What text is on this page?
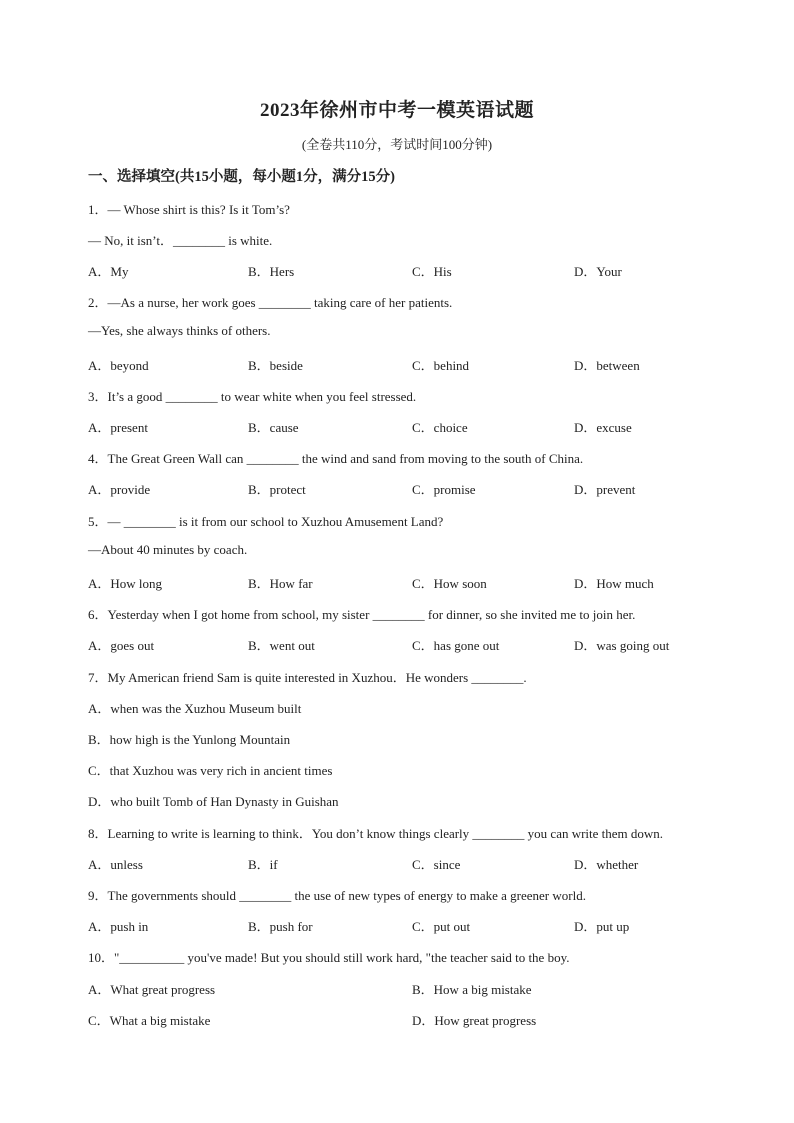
2023年徐州市中考一模英语试题
(全卷共110分，考试时间100分钟)
一、选择填空(共15小题，每小题1分，满分15分)
1．— Whose shirt is this? Is it Tom’s?
— No, it isn’t．________ is white.
A．My	B．Hers	C．His	D．Your
2．—As a nurse, her work goes ________ taking care of her patients.
—Yes, she always thinks of others.
A．beyond	B．beside	C．behind	D．between
3．It’s a good ________ to wear white when you feel stressed.
A．present	B．cause	C．choice	D．excuse
4．The Great Green Wall can ________ the wind and sand from moving to the south of China.
A．provide	B．protect	C．promise	D．prevent
5．— ________ is it from our school to Xuzhou Amusement Land?
—About 40 minutes by coach.
A．How long	B．How far	C．How soon	D．How much
6．Yesterday when I got home from school, my sister ________ for dinner, so she invited me to join her.
A．goes out	B．went out	C．has gone out	D．was going out
7．My American friend Sam is quite interested in Xuzhou．He wonders ________.
A．when was the Xuzhou Museum built
B．how high is the Yunlong Mountain
C．that Xuzhou was very rich in ancient times
D．who built Tomb of Han Dynasty in Guishan
8．Learning to write is learning to think．You don’t know things clearly ________ you can write them down.
A．unless	B．if	C．since	D．whether
9．The governments should ________ the use of new types of energy to make a greener world.
A．push in	B．push for	C．put out	D．put up
10．"__________ you've made! But you should still work hard, "the teacher said to the boy.
A．What great progress	B．How a big mistake
C．What a big mistake	D．How great progress
